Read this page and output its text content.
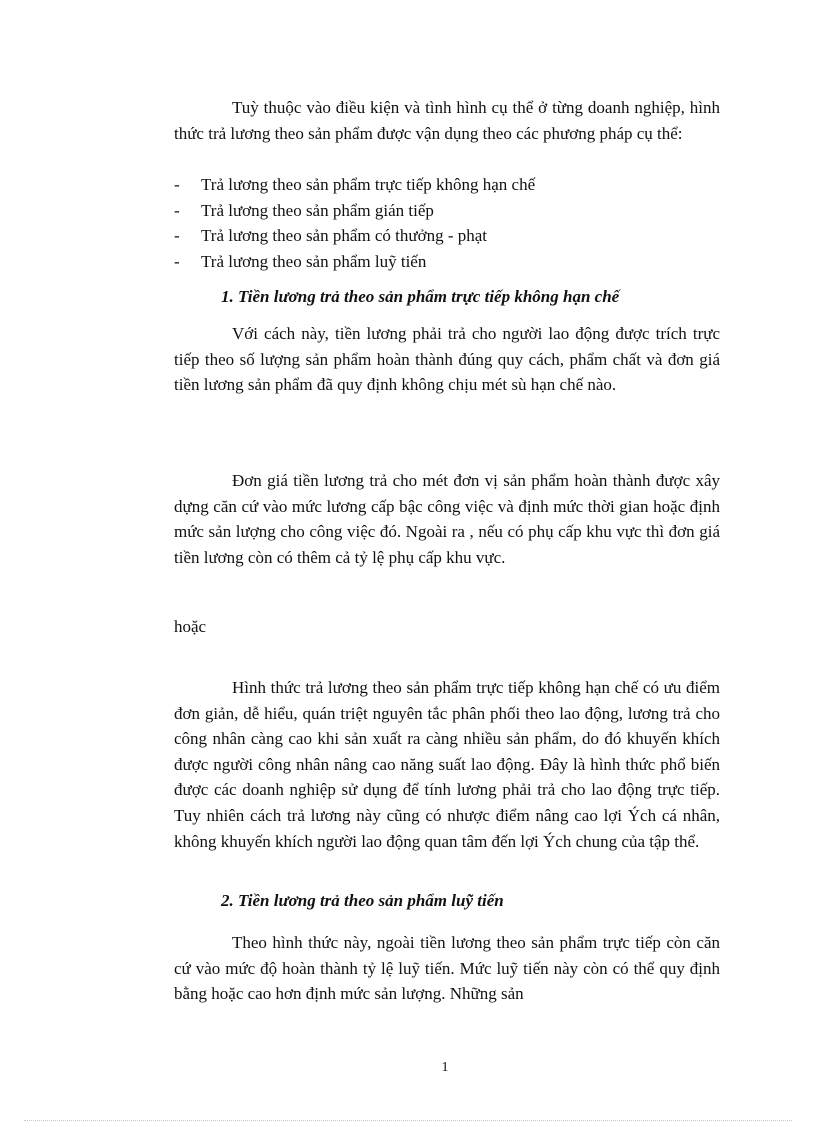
Tuỳ thuộc vào điều kiện và tình hình cụ thể ở từng doanh nghiệp, hình thức trả lương theo sản phẩm được vận dụng theo các phương pháp cụ thể:

- Trả lương theo sản phẩm trực tiếp không hạn chế
- Trả lương theo sản phẩm gián tiếp
- Trả lương theo sản phẩm có thưởng - phạt
- Trả lương theo sản phẩm luỹ tiến
1. Tiền lương trả theo sản phẩm trực tiếp không hạn chế

Với cách này, tiền lương phải trả cho người lao động được trích trực tiếp theo số lượng sản phẩm hoàn thành đúng quy cách, phẩm chất và đơn giá tiền lương sản phẩm đã quy định không chịu mét sù hạn chế nào.

Đơn giá tiền lương trả cho mét đơn vị sản phẩm hoàn thành được xây dựng căn cứ vào mức lương cấp bậc công việc và định mức thời gian hoặc định mức sản lượng cho công việc đó. Ngoài ra , nếu có phụ cấp khu vực thì đơn giá tiền lương còn có thêm cả tỷ lệ phụ cấp khu vực.

hoặc

Hình thức trả lương theo sản phẩm trực tiếp không hạn chế có ưu điểm đơn giản, dễ hiểu, quán triệt nguyên tắc phân phối theo lao động, lương trả cho công nhân càng cao khi sản xuất ra càng nhiều sản phẩm, do đó khuyến khích được người công nhân nâng cao năng suất lao động. Đây là hình thức phổ biến được các doanh nghiệp sử dụng để tính lương phải trả cho lao động trực tiếp. Tuy nhiên cách trả lương này cũng có nhược điểm nâng cao lợi Ých cá nhân, không khuyến khích người lao động quan tâm đến lợi Ých chung của tập thể.

2. Tiền lương trả theo sản phẩm luỹ tiến

Theo hình thức này, ngoài tiền lương theo sản phẩm trực tiếp còn căn cứ vào mức độ hoàn thành tỷ lệ luỹ tiến. Mức luỹ tiến này còn có thể quy định bằng hoặc cao hơn định mức sản lượng. Những sản

1
